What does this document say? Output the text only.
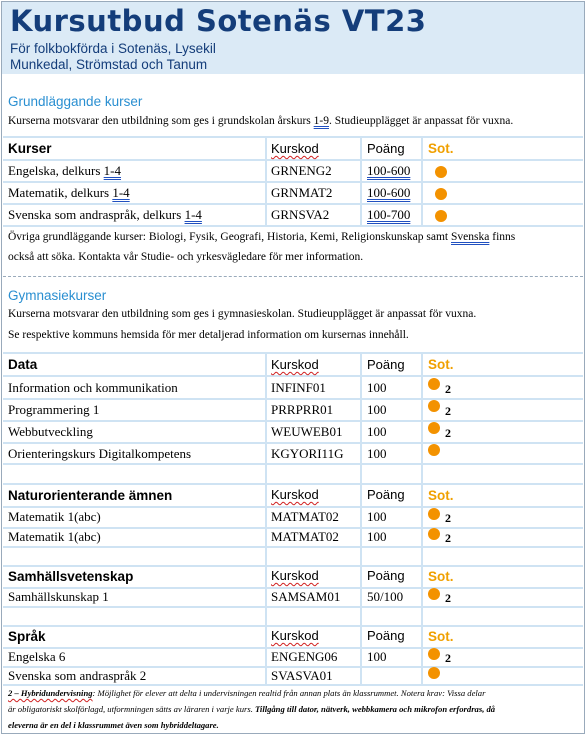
Kursutbud Sotenäs VT23
För folkbokförda i Sotenäs, Lysekil
Munkedal, Strömstad och Tanum
Grundläggande kurser
Kurserna motsvarar den utbildning som ges i grundskolan årskurs 1-9. Studieupplägget är anpassat för vuxna.
Kurser	Kurskod	Poäng Sot.
Engelska, delkurs 1-4	GRNENG2	100-600
Matematik, delkurs 1-4	GRNMAT2	100-600
Svenska som andraspråk, delkurs 1-4	GRNSVA2	100-700
Övriga grundläggande kurser: Biologi, Fysik, Geografi, Historia, Kemi, Religionskunskap samt Svenska finns
också att söka. Kontakta vår Studie- och yrkesvägledare för mer information.
Gymnasiekurser
Kurserna motsvarar den utbildning som ges i gymnasieskolan. Studieupplägget är anpassat för vuxna.
Se respektive kommuns hemsida för mer detaljerad information om kursernas innehåll.
Data	Kurskod	Poäng Sot.
Information och kommunikation	INFINF01	100	2
Programmering 1	PRRPRR01	100	2
Webbutveckling	WEUWEB01 100	2
Orienteringskurs Digitalkompetens	KGYORI11G 100
Naturorienterande ämnen	Kurskod	Poäng Sot.
Matematik 1(abc)	MATMAT02 100	2
Matematik 1(abc)	MATMAT02 100	2
Samhällsvetenskap	Kurskod	Poäng Sot.
Samhällskunskap 1	SAMSAM01 50/100	2
Språk	Kurskod	Poäng Sot.
Engelska 6	ENGENG06 100	2
Svenska som andraspråk 2	SVASVA01
2 – Hybridundervisning: Möjlighet för elever att delta i undervisningen realtid från annan plats än klassrummet. Notera krav: Vissa delar
är obligatoriskt skolförlagd, utformningen sätts av läraren i varje kurs. Tillgång till dator, nätverk, webbkamera och mikrofon erfordras, då
eleverna är en del i klassrummet även som hybriddeltagare.
